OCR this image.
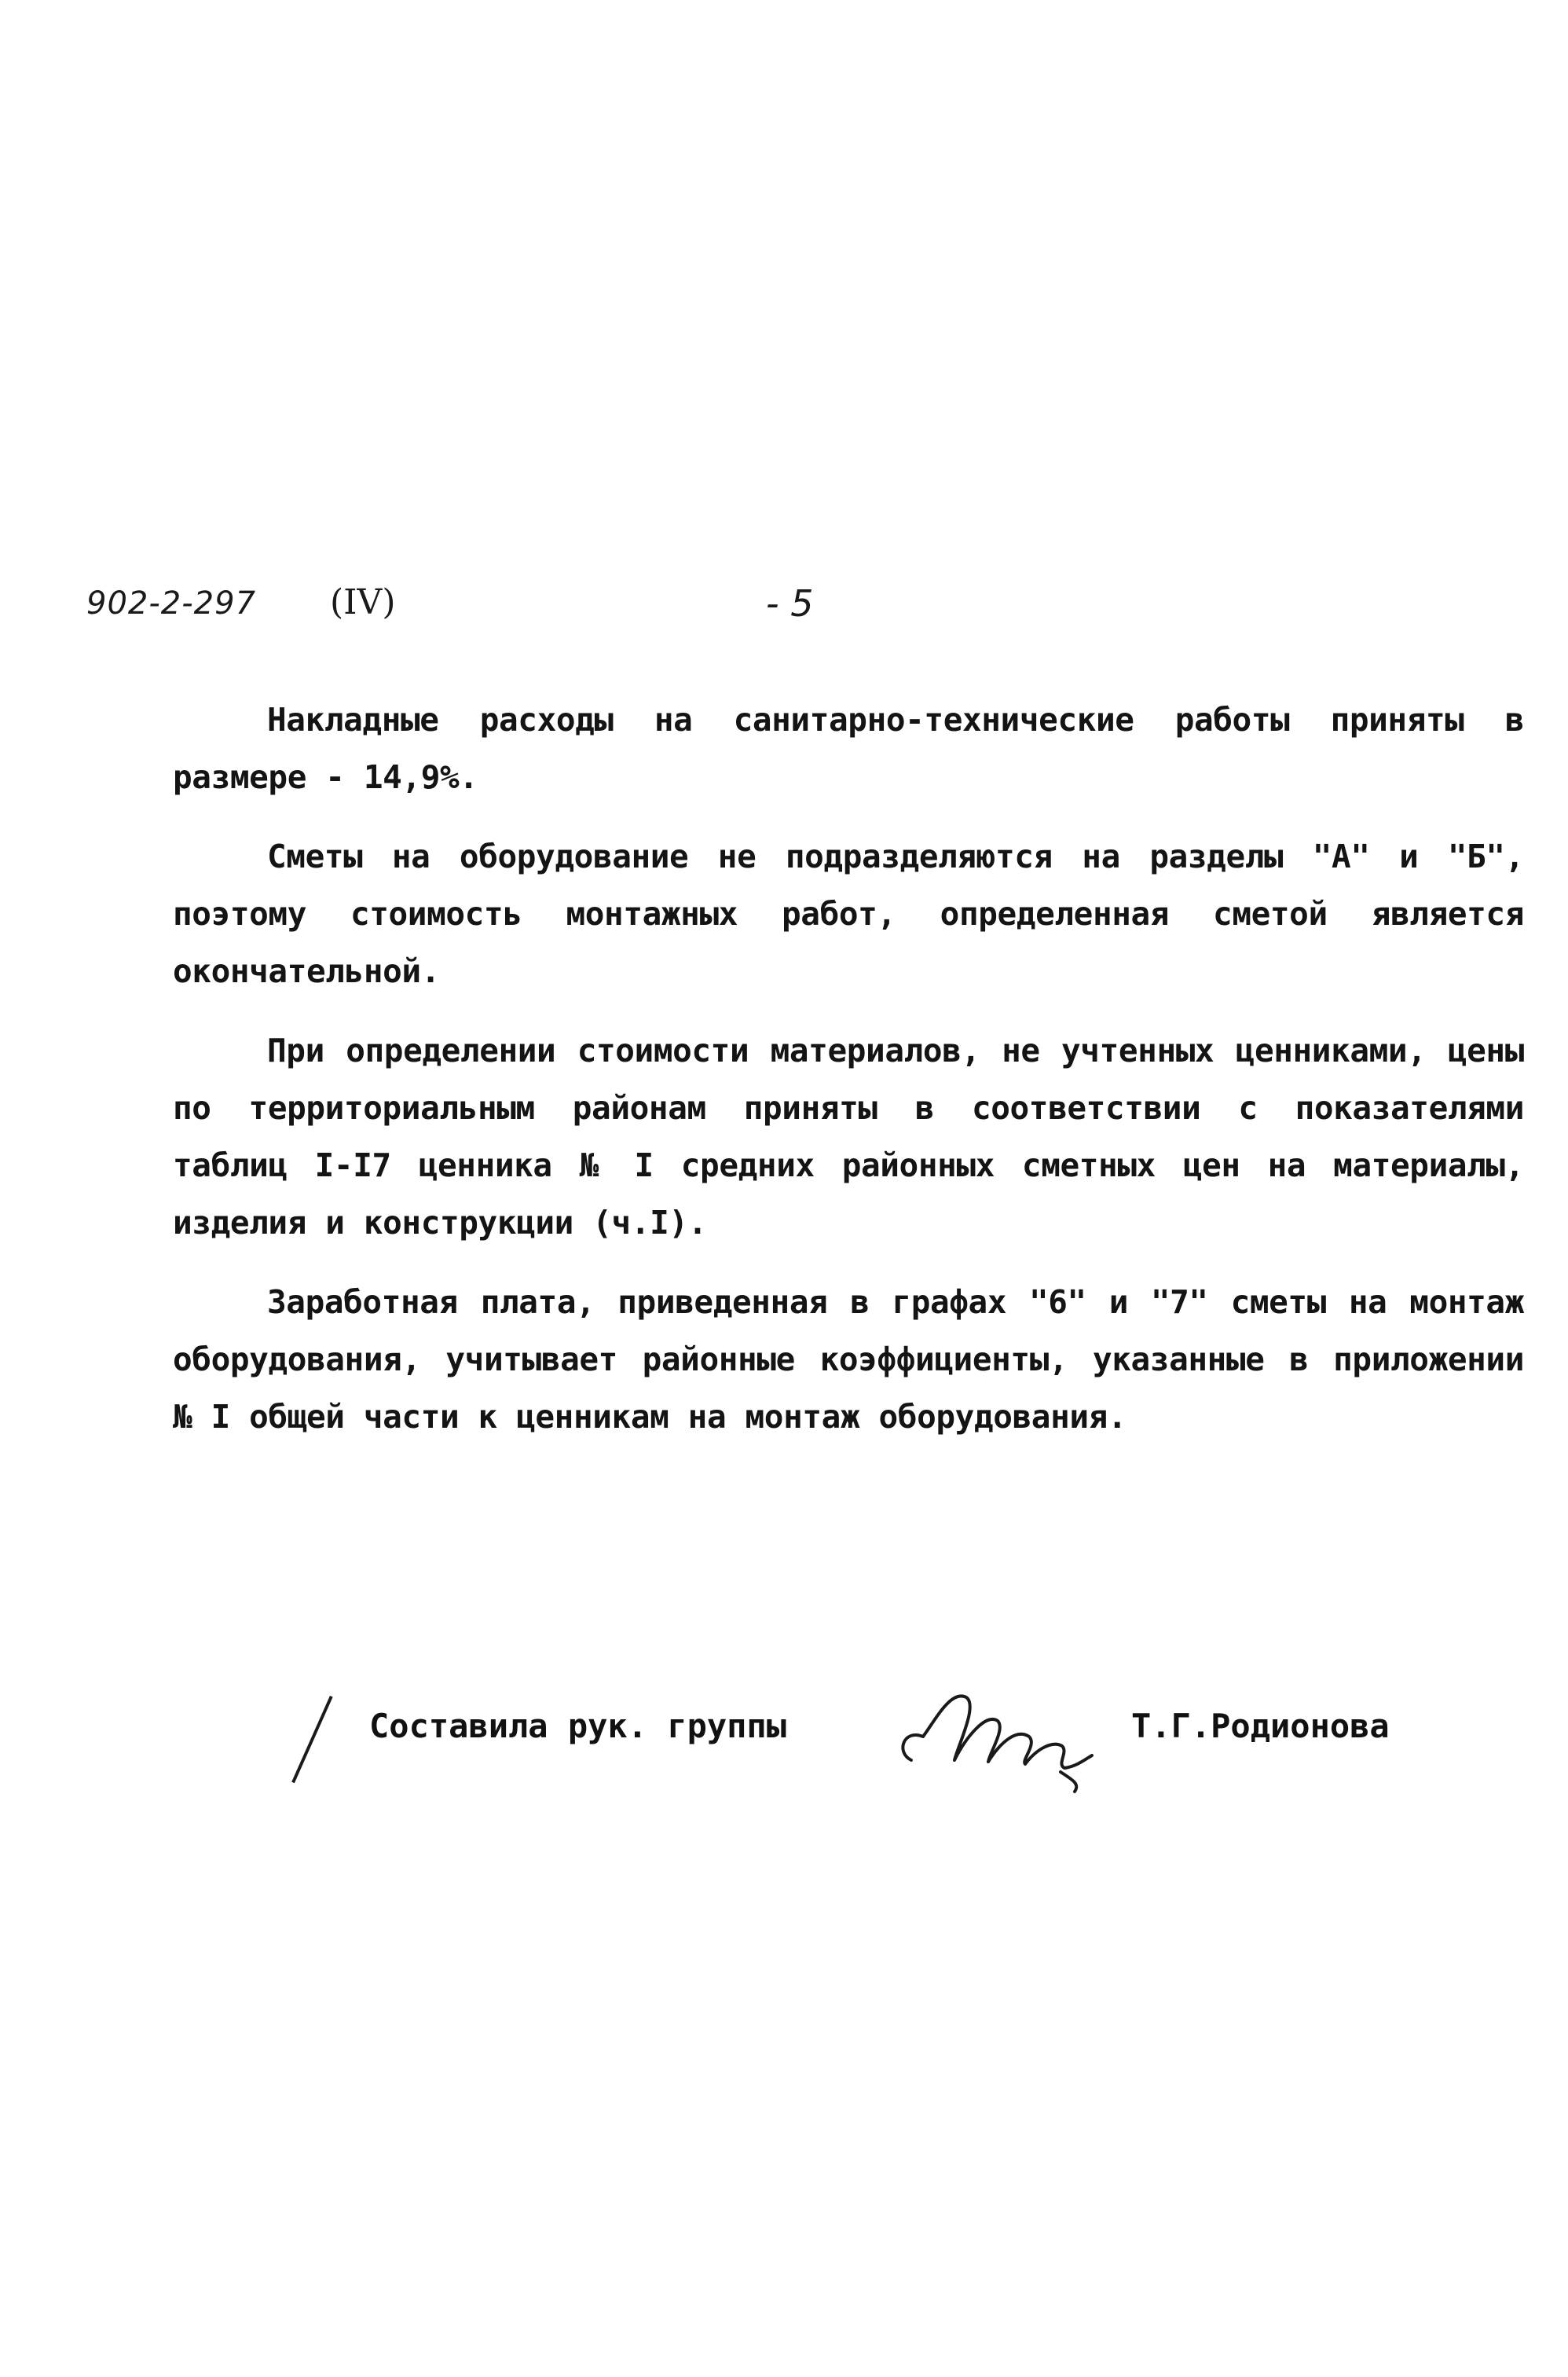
902-2-297 (IV)	- 5

Накладные расходы на санитарно-технические работы приняты в размере - 14,9%.

Сметы на оборудование не подразделяются на разделы "А" и "Б", поэтому стоимость монтажных работ, определенная сметой является окончательной.

При определении стоимости материалов, не учтенных ценниками, цены по территориальным районам приняты в соответствии с показателями таблиц I-I7 ценника № I средних районных сметных цен на материалы, изделия и конструкции (ч.I).

Заработная плата, приведенная в графах "6" и "7" сметы на монтаж оборудования, учитывает районные коэффициенты, указанные в приложении № I общей части к ценникам на монтаж оборудования.

Составила рук. группы	Т.Г.Родионова
